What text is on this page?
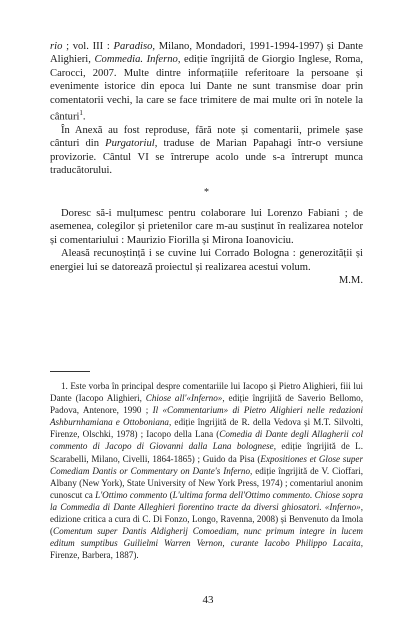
rio ; vol. III : Paradiso, Milano, Mondadori, 1991-1994-1997) și Dante Alighieri, Commedia. Inferno, ediție îngrijită de Giorgio Inglese, Roma, Carocci, 2007. Multe dintre informațiile referitoare la persoane și evenimente istorice din epoca lui Dante ne sunt transmise doar prin comentatorii vechi, la care se face trimitere de mai multe ori în notele la cânturi$^1$.

În Anexă au fost reproduse, fără note și comentarii, primele șase cânturi din Purgatoriul, traduse de Marian Papahagi într-o versiune provizorie. Cântul VI se întrerupe acolo unde s-a întrerupt munca traducătorului.

*

Doresc să-i mulțumesc pentru colaborare lui Lorenzo Fabiani ; de asemenea, colegilor și prietenilor care m-au susținut în realizarea notelor și comentariului : Maurizio Fiorilla și Mirona Ioanoviciu.

Aleasă recunoștință i se cuvine lui Corrado Bologna : generozității și energiei lui se datorează proiectul și realizarea acestui volum.

M.M.

1. Este vorba în principal despre comentariile lui Iacopo și Pietro Alighieri, fiii lui Dante (Iacopo Alighieri, Chiose all'«Inferno», ediție îngrijită de Saverio Bellomo, Padova, Antenore, 1990 ; Il «Commentarium» di Pietro Alighieri nelle redazioni Ashburnhamiana e Ottoboniana, ediție îngrijită de R. della Vedova și M.T. Silvolti, Firenze, Olschki, 1978) ; Iacopo della Lana (Comedia di Dante degli Allagherii col commento di Jacopo di Giovanni dalla Lana bolognese, ediție îngrijită de L. Scarabelli, Milano, Civelli, 1864-1865) ; Guido da Pisa (Expositiones et Glose super Comediam Dantis or Commentary on Dante's Inferno, ediție îngrijită de V. Cioffari, Albany (New York), State University of New York Press, 1974) ; comentariul anonim cunoscut ca L'Ottimo commento (L'ultima forma dell'Ottimo commento. Chiose sopra la Commedia di Dante Alleghieri fiorentino tracte da diversi ghiosatori. «Inferno», edizione critica a cura di C. Di Fonzo, Longo, Ravenna, 2008) și Benvenuto da Imola (Comentum super Dantis Aldigherij Comoediam, nunc primum integre in lucem editum sumptibus Guilielmi Warren Vernon, curante Iacobo Philippo Lacaita, Firenze, Barbera, 1887).

43
